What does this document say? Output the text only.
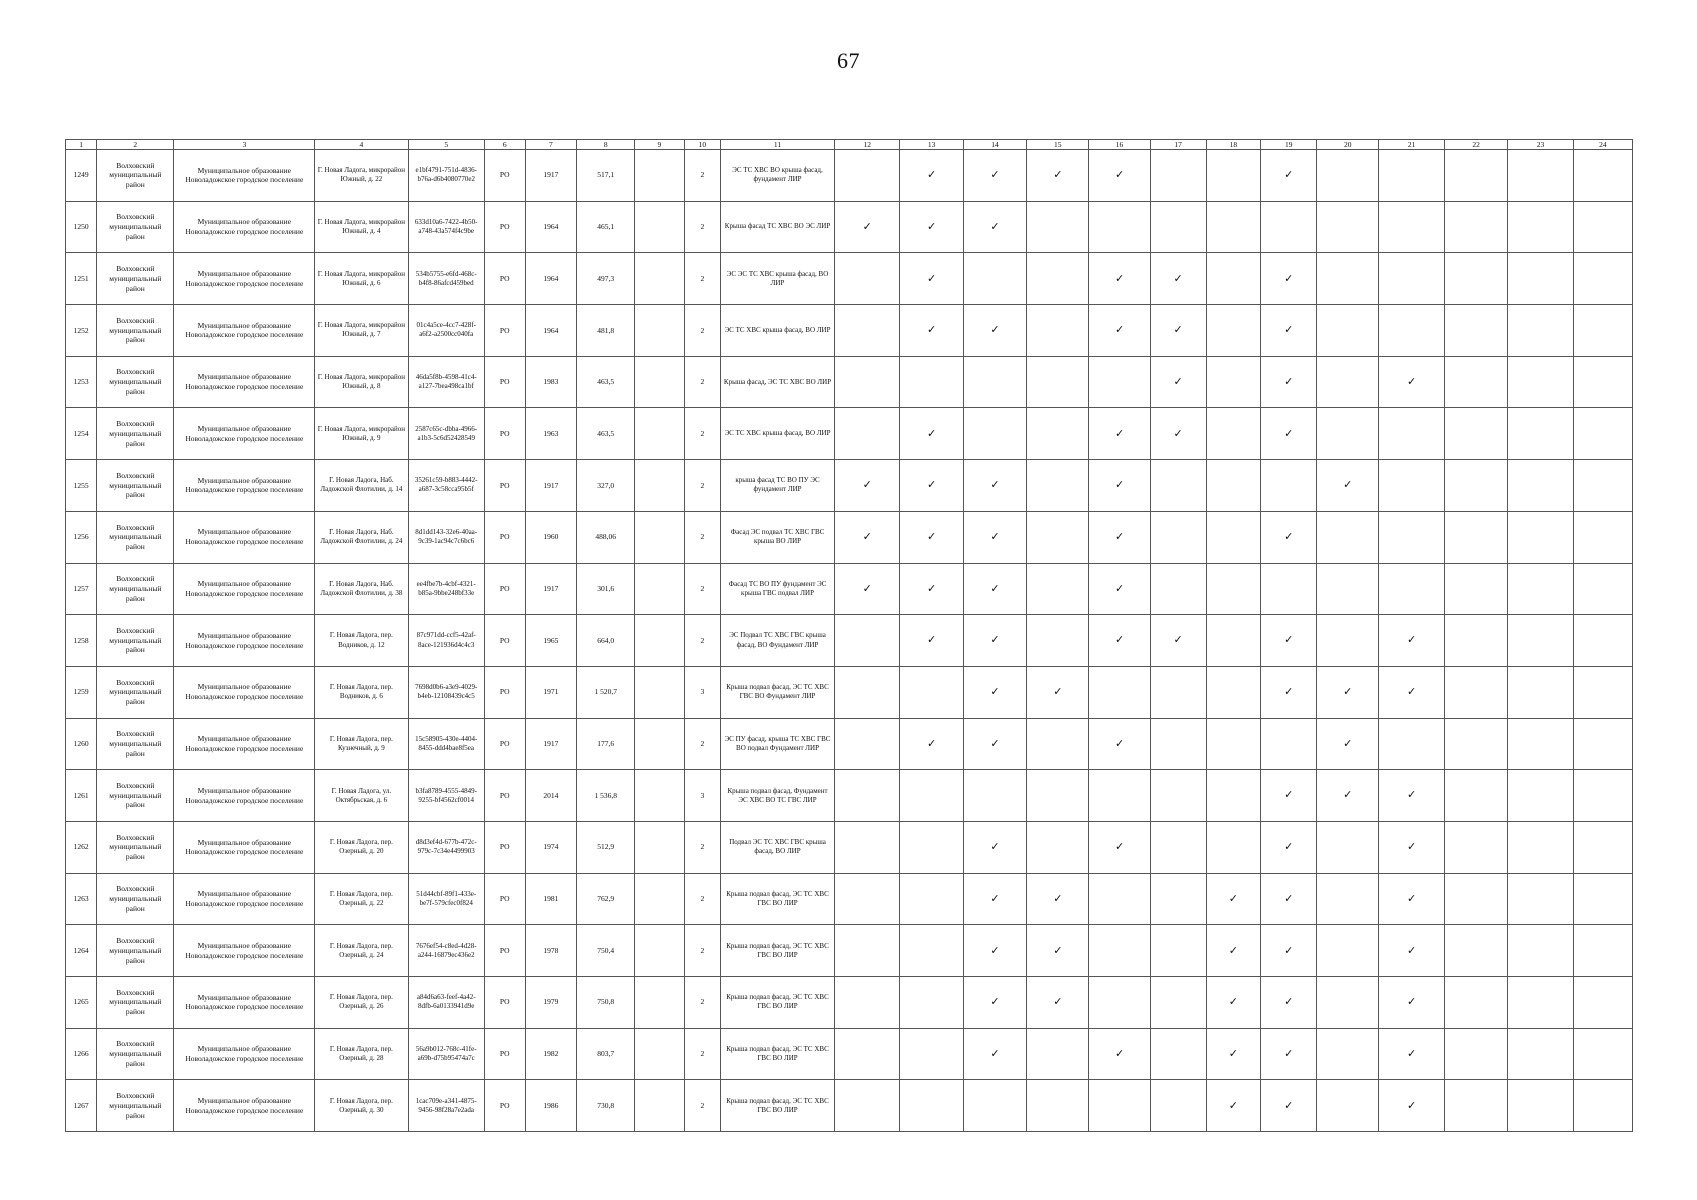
67
1	2	3	4	5	6	7	8	9	10	11	12	13	14	15	16	17	18	19	20	21	22	23	24
1249	Волховский муниципальный район	Муниципальное образование Новоладожское городское поселение	Г. Новая Ладога, микрорайон Южный, д. 22	e1bf4791-751d-4836-b76a-d6b4080770e2	РО	1917	517,1		2	ЭС ТС ХВС ВО крыша фасад, фундамент ЛИР		✓	✓	✓	✓			✓					
1250	Волховский муниципальный район	Муниципальное образование Новоладожское городское поселение	Г. Новая Ладога, микрорайон Южный, д. 4	633d10a6-7422-4b50-a748-43a574f4c9be	РО	1964	465,1		2	Крыша фасад ТС ХВС ВО ЭС ЛИР	✓	✓	✓										
1251	Волховский муниципальный район	Муниципальное образование Новоладожское городское поселение	Г. Новая Ладога, микрорайон Южный, д. 6	534b5755-e6fd-468c-b4f8-86afcd459bed	РО	1964	497,3		2	ЭС ЭС ТС ХВС крыша фасад, ВО ЛИР		✓			✓	✓		✓					
1252	Волховский муниципальный район	Муниципальное образование Новоладожское городское поселение	Г. Новая Ладога, микрорайон Южный, д. 7	01c4a5ce-4cc7-428f-a6f2-a2500cc040fa	РО	1964	481,8		2	ЭС ТС ХВС крыша фасад, ВО ЛИР		✓	✓		✓	✓		✓					
1253	Волховский муниципальный район	Муниципальное образование Новоладожское городское поселение	Г. Новая Ладога, микрорайон Южный, д. 8	46da5f8b-4598-41c4-a127-7bea498ca1bf	РО	1983	463,5		2	Крыша фасад, ЭС ТС ХВС ВО ЛИР						✓		✓		✓			
1254	Волховский муниципальный район	Муниципальное образование Новоладожское городское поселение	Г. Новая Ладога, микрорайон Южный, д. 9	2587c65c-dbba-4966-a1b3-5c6d52428549	РО	1963	463,5		2	ЭС ТС ХВС крыша фасад, ВО ЛИР		✓			✓	✓		✓					
1255	Волховский муниципальный район	Муниципальное образование Новоладожское городское поселение	Г. Новая Ладога, Наб. Ладожской Флотилии, д. 14	35261c59-b883-4442-a687-3c58cca95b5f	РО	1917	327,0		2	крыша фасад ТС ВО ПУ ЭС фундамент ЛИР	✓	✓	✓		✓				✓				
1256	Волховский муниципальный район	Муниципальное образование Новоладожское городское поселение	Г. Новая Ладога, Наб. Ладожской Флотилии, д. 24	8d1dd143-32e6-40aa-9c39-1ac94c7c6bc6	РО	1960	488,06		2	Фасад ЭС подвал ТС ХВС ГВС крыша ВО ЛИР	✓	✓	✓		✓			✓					
1257	Волховский муниципальный район	Муниципальное образование Новоладожское городское поселение	Г. Новая Ладога, Наб. Ладожской Флотилии, д. 38	ee4fbe7b-4cbf-4321-b85a-9bbe248bf33e	РО	1917	301,6		2	Фасад ТС ВО ПУ фундамент ЭС крыша ГВС подвал ЛИР	✓	✓	✓		✓								
1258	Волховский муниципальный район	Муниципальное образование Новоладожское городское поселение	Г. Новая Ладога, пер. Водников, д. 12	87c971dd-ccf5-42af-8ace-121936d4c4c3	РО	1965	664,0		2	ЭС Подвал ТС ХВС ГВС крыша фасад, ВО Фундамент ЛИР		✓	✓		✓	✓		✓		✓			
1259	Волховский муниципальный район	Муниципальное образование Новоладожское городское поселение	Г. Новая Ладога, пер. Водников, д. 6	7698d0b6-a3e9-4029-b4eb-12108439c4c5	РО	1971	1 520,7		3	Крыша подвал фасад, ЭС ТС ХВС ГВС ВО Фундамент ЛИР			✓	✓				✓	✓	✓			
1260	Волховский муниципальный район	Муниципальное образование Новоладожское городское поселение	Г. Новая Ладога, пер. Кузнечный, д. 9	15c58905-430e-4404-8455-ddd4bae8f5ea	РО	1917	177,6		2	ЭС ПУ фасад, крыша ТС ХВС ГВС ВО подвал Фундамент ЛИР		✓	✓		✓				✓				
1261	Волховский муниципальный район	Муниципальное образование Новоладожское городское поселение	Г. Новая Ладога, ул. Октябрьская, д. 6	b3fa8789-4555-4849-9255-bf4562cf0014	РО	2014	1 536,8		3	Крыша подвал фасад, Фундамент ЭС ХВС ВО ТС ГВС ЛИР								✓	✓	✓			
1262	Волховский муниципальный район	Муниципальное образование Новоладожское городское поселение	Г. Новая Ладога, пер. Озерный, д. 20	d8d3ef4d-677b-472c-979c-7c34e4499903	РО	1974	512,9		2	Подвал ЭС ТС ХВС ГВС крыша фасад, ВО ЛИР			✓		✓			✓		✓			
1263	Волховский муниципальный район	Муниципальное образование Новоладожское городское поселение	Г. Новая Ладога, пер. Озерный, д. 22	51d44cbf-89f1-433e-be7f-579cfec0f824	РО	1981	762,9		2	Крыша подвал фасад, ЭС ТС ХВС ГВС ВО ЛИР			✓	✓			✓	✓		✓			
1264	Волховский муниципальный район	Муниципальное образование Новоладожское городское поселение	Г. Новая Ладога, пер. Озерный, д. 24	7676ef54-c8ed-4d28-a244-16879ec436e2	РО	1978	750,4		2	Крыша подвал фасад, ЭС ТС ХВС ГВС ВО ЛИР			✓	✓			✓	✓		✓			
1265	Волховский муниципальный район	Муниципальное образование Новоладожское городское поселение	Г. Новая Ладога, пер. Озерный, д. 26	a84d6a63-feef-4a42-8dfb-6a0133941d9e	РО	1979	750,8		2	Крыша подвал фасад, ЭС ТС ХВС ГВС ВО ЛИР			✓	✓			✓	✓		✓			
1266	Волховский муниципальный район	Муниципальное образование Новоладожское городское поселение	Г. Новая Ладога, пер. Озерный, д. 28	56a9b012-768c-41fe-a69b-d75b95474a7c	РО	1982	803,7		2	Крыша подвал фасад, ЭС ТС ХВС ГВС ВО ЛИР			✓		✓		✓	✓		✓			
1267	Волховский муниципальный район	Муниципальное образование Новоладожское городское поселение	Г. Новая Ладога, пер. Озерный, д. 30	1cac709e-a341-4875-9456-98f28a7e2ada	РО	1986	730,8		2	Крыша подвал фасад, ЭС ТС ХВС ГВС ВО ЛИР							✓	✓		✓			
